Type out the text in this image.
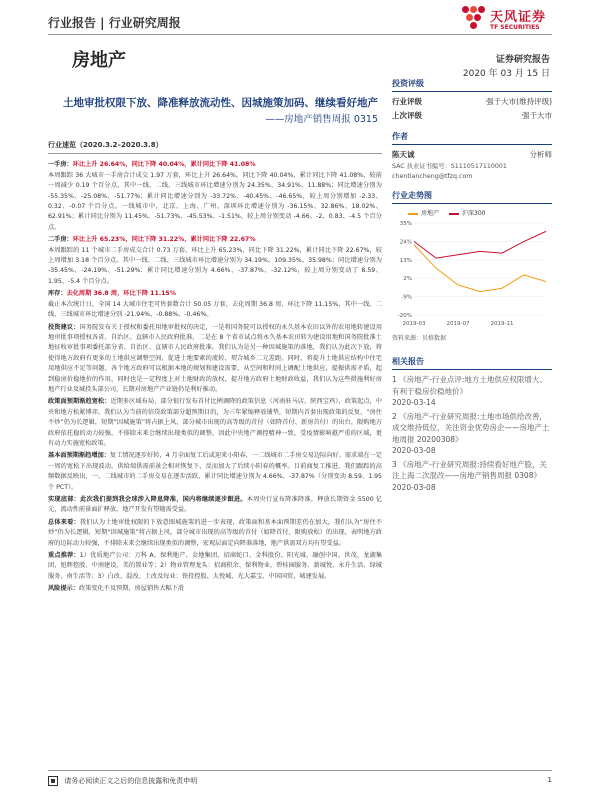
行业报告 | 行业研究周报	天风证券
TF SECURITIES
房地产	证券研究报告
2020 年 03 月 15 日
土地审批权限下放、降准释放流动性、因城施策加码、继续看好地产
——房地产销售周报 0315
行业速览（2020.3.2–2020.3.8）

一手房：环比上升 26.64%，同比下降 40.04%，累计同比下降 41.08%
本周跟踪 36 大城市一手房合计成交 1.97 万套，环比上升 26.64%，同比下降 40.04%，累计同比下降 41.08%，较前一周减少 0.19 个百分点，其中一线、二线、三线城市环比增速分别为 24.35%、34.91%、11.88%；同比增速分别为 -55.35%、-25.08%、-51.77%；累计同比增速分别为 -33.72%、-40.45%、-46.65%，较上周分别增加 -2.33、0.32、-0.07 个百分点。一线城市中，北京、上海、广州、深圳环比增速分别为 -36.15%、32.86%、18.02%、62.91%；累计同比分别为 11.45%、-51.73%、-45.53%、-1.51%，较上周分别变动 -4.66、-2、0.83、-4.5 个百分点。

二手房：环比上升 65.23%，同比下降 31.22%，累计同比下降 22.67%
本周跟踪的 11 个城市二手房成交合计 0.73 万套，环比上升 65.23%，同比下降 31.22%，累计同比下降 22.67%，较上周增加 3.18 个百分点。其中一线、二线、三线城市环比增速分别为 34.19%、109.35%、35.98%；同比增速分别为 -35.45%、-24.19%、-51.29%；累计同比增速分别为 4.66%、-37.87%、-32.12%，较上周分别变动了 8.59、1.95、-5.4 个百分点。

库存：去化周期 36.8 周，环比下降 11.15%
截止本次统计日，全国 14 大城市住宅可售套数合计 50.05 万套，去化周期 36.8 周，环比下降 11.15%，其中一线、二线、三线城市环比增速分别 -21.94%、-0.88%、-0.46%。

投资建议：国务院发布关于授权和委托用地审批权的决定，一是将国务院可以授权的永久基本农田以外的农用地转建设用地审批事项授权各省、自治区、直辖市人民政府批准，二是在 8 个省市试点将永久基本农田转为建设用地和国务院批准土地征收审批事项委托部分省、自治区、直辖市人民政府批准。我们认为是另一种因城施策的落地，我们认为此次下放，将使得地方政府有更多的土地供应调整空间，促进土地要素的流转，契合城乡二元差距。同时，将提升土地供应结构中住宅用地供应不足等问题，各个地方政府可以根据本地的规划和建设需要，从空间和时间上调配土地供应，提振供需矛盾，起到稳房价稳地价的作用，同时也是一定程度上对土地财政的放权，提升地方政府土地财政收益，我们认为这些措施利好房地产行业及城投头部公司，长期对房地产产业链仍是利好推动。

政策面预期渐趋宽松：近期多区域布局、部分银行发布首付比例调降的政策信息（河南驻马店、陕西宝鸡），政策起点，中央和地方松紧博弈。我们认为当前的信贷政策部分超预期目的，为三年紧缩释放铺垫，短期内首套出现政策的反复，“房住不炒”仍为长逻辑，短期“因城施策”将占据上风，部分城市出现的高等级的首付（如降首付、新房首付）的出台，限购地方政府依托稳的动力较强，不排除未来会继续出现类似的调整，因此中央地产调控精神一致，受疫情影响越严重的区域，更有动力实施宽松政策。

基本面预期渐趋增加：复工情况逐步好转，4 月全面复工后或迎来小阳春，一二线城市二手房交易边际向好。需求端在一定一周的宽松下出现波动，供给端供需前景会相对恢复下，反而加大了后续小阳春的概率。目前商复工推进，我们跟踪的高频数据反映出，一、二线城市的二手房交易在逐步活跃，累计同比增速分别为 4.66%、-37.87%（分别变动 8.59、1.95 个 PCT）。

实现底部：此次我们提到我会球涉入降息降准，国内将继续逐步跟进。本周央行宣布降准降准，释放长期资金 5500 亿元，流动性前景面扩释放，地产开发有望随需受益。

总体来看：我们认为土地审批权限的下放意图城施策的进一步表现，政策面和基本面预期差仍在加大，我们认为“房住不炒”仍为长逻辑，短期“因城施策”将占据上风，部分城市出现的高等级的首付（如降首付、限购放松）的出现，表明地方政府的边际动力较强，不排除未来会继续出现类似的调整，宏观层面定向降准落地，地产供需双方均有望受益。

重点推荐：1）优质地产公司：万科 A、保利地产、金地集团、招商蛇口、金科股份、阳光城、融创中国、世茂、龙湖集团、旭辉控股、中南建设、美的置业等；2）物业管理龙头：招商积余、保利物业、碧桂园服务、新城悦、永升生活、绿城服务、南生活等；3）白改、混改、土改及每业：铁投控股、大悦城、光大嘉宝、中国国贸、城建发展。

风险提示：政策变化不及预期，房屋销售大幅下滑

投资评级
行业评级	强于大市(维持评级)
上次评级	强于大市
作者
陈天诚	分析师
SAC 执业证书编号：S1110517110001
chentiancheng@tfzq.com
行业走势图
房地产	沪深300
35%
24%
13%
2%
-9%
-20%
2019-03	2019-07	2019-11
资料来源：贝格数据
相关报告
1 《房地产-行业点评:地方土地供应权限增大、有利于稳房价稳地价》
2020-03-14
2 《房地产-行业研究周报:土地市场供给改善，成交维持低位，关注资金优势房企——房地产土地周报 20200308》
2020-03-08
3 《房地产-行业研究周报:持续看好地产股，关注上海二次混改——房地产销售周报 0308》
2020-03-08
请务必阅读正文之后的信息披露和免责申明	1
